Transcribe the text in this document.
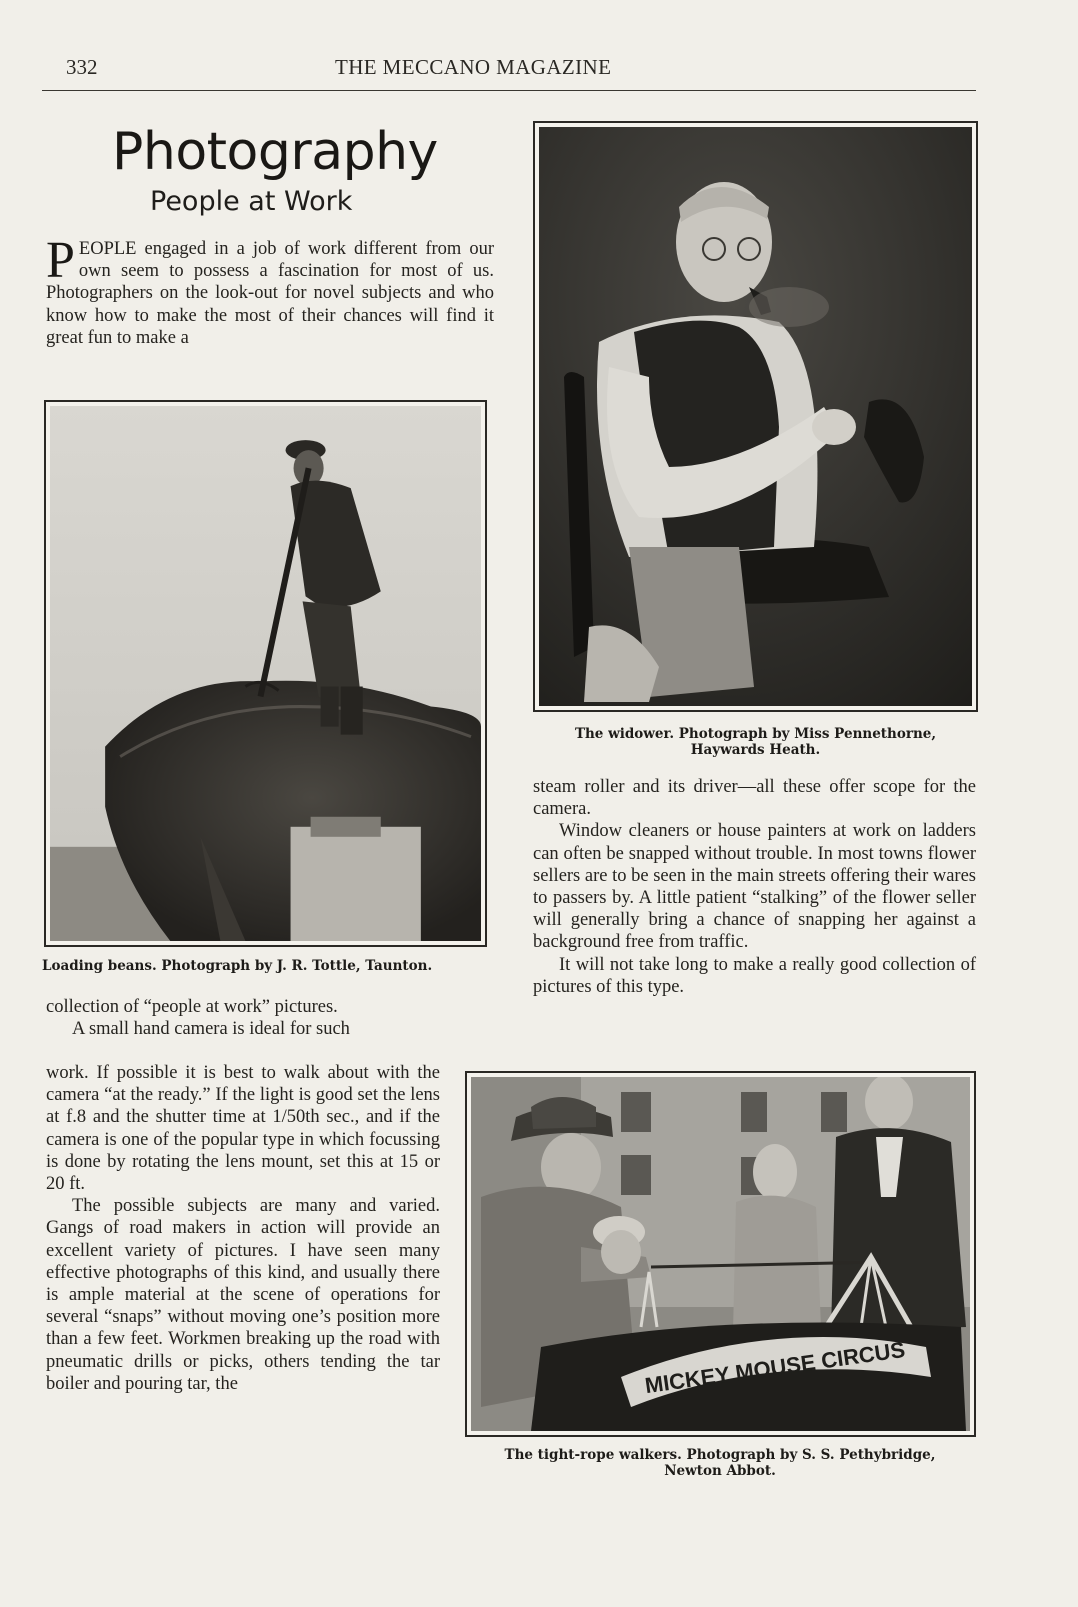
332	THE MECCANO MAGAZINE
Photography
People at Work
PEOPLE engaged in a job of work different from our own seem to possess a fascination for most of us. Photographers on the look-out for novel subjects and who know how to make the most of their chances will find it great fun to make a
Loading beans. Photograph by J. R. Tottle, Taunton.

collection of “people at work” pictures.

A small hand camera is ideal for such

work. If possible it is best to walk about with the camera “at the ready.” If the light is good set the lens at f.8 and the shutter time at 1/50th sec., and if the camera is one of the popular type in which focussing is done by rotating the lens mount, set this at 15 or 20 ft.

The possible subjects are many and varied. Gangs of road makers in action will provide an excellent variety of pictures. I have seen many effective photographs of this kind, and usually there is ample material at the scene of operations for several “snaps” without moving one’s position more than a few feet. Workmen breaking up the road with pneumatic drills or picks, others tending the tar boiler and pouring tar, the

The widower. Photograph by Miss Pennethorne,
Haywards Heath.

steam roller and its driver—all these offer scope for the camera.

Window cleaners or house painters at work on ladders can often be snapped without trouble. In most towns flower sellers are to be seen in the main streets offering their wares to passers by. A little patient “stalking” of the flower seller will generally bring a chance of snapping her against a background free from traffic.

It will not take long to make a really good collection of pictures of this type.

MICKEY MOUSE CIRCUS
The tight-rope walkers. Photograph by S. S. Pethybridge,
Newton Abbot.
